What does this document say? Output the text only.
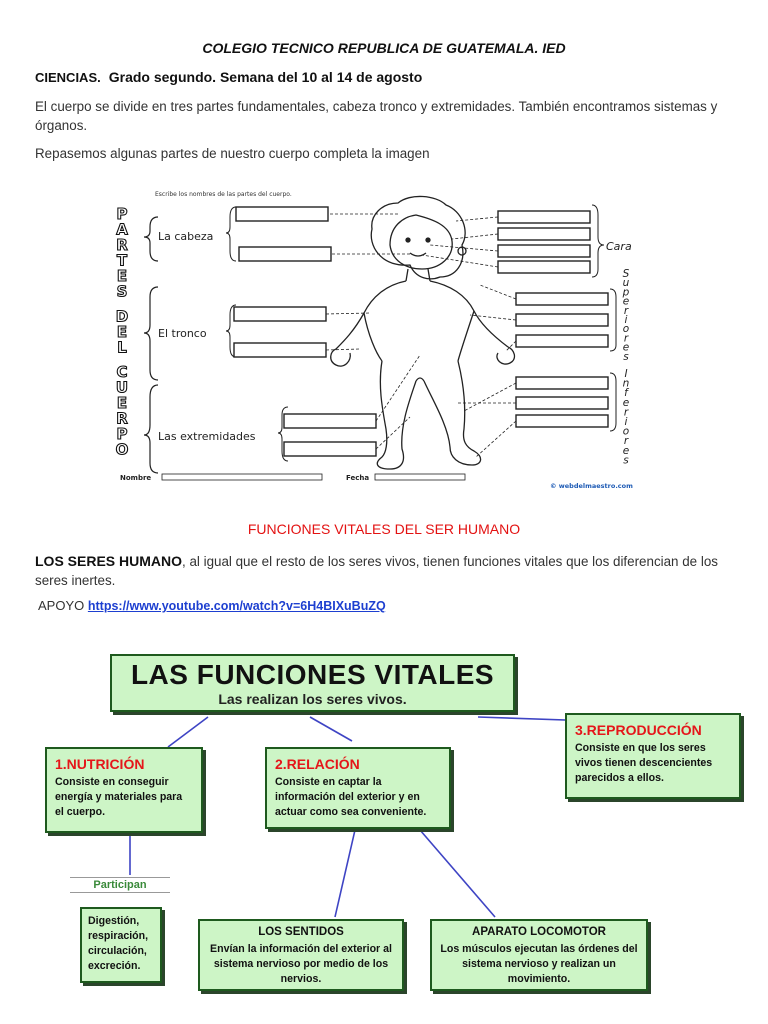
COLEGIO TECNICO REPUBLICA DE GUATEMALA. IED
CIENCIAS. Grado segundo. Semana del 10 al 14 de agosto
El cuerpo se divide en tres partes fundamentales, cabeza tronco y extremidades. También encontramos sistemas y órganos.
Repasemos algunas partes de nuestro cuerpo completa la imagen
Escribe los nombres de las partes del cuerpo.
P
A
R
T
E
S
D
E
L
C
U
E
R
P
O
La cabeza
El tronco
Las extremidades
Cara
S
u
p
e
r
i
o
r
e
s
I
n
f
e
r
i
o
r
e
s
Nombre	Fecha
© webdelmaestro.com
FUNCIONES VITALES DEL SER HUMANO
LOS SERES HUMANO, al igual que el resto de los seres vivos, tienen funciones vitales que los diferencian de los seres inertes.
APOYO https://www.youtube.com/watch?v=6H4BIXuBuZQ
LAS FUNCIONES VITALES
Las realizan los seres vivos.
1.NUTRICIÓN
Consiste en conseguir energía y materiales para el cuerpo.
2.RELACIÓN
Consiste en captar la información del exterior y en actuar como sea conveniente.
3.REPRODUCCIÓN
Consiste en que los seres vivos tienen descencientes parecidos a ellos.
Participan
Digestión, respiración, circulación, excreción.
LOS SENTIDOS
Envían la información del exterior al sistema nervioso por medio de los nervios.
APARATO LOCOMOTOR
Los músculos ejecutan las órdenes del sistema nervioso y realizan un movimiento.
